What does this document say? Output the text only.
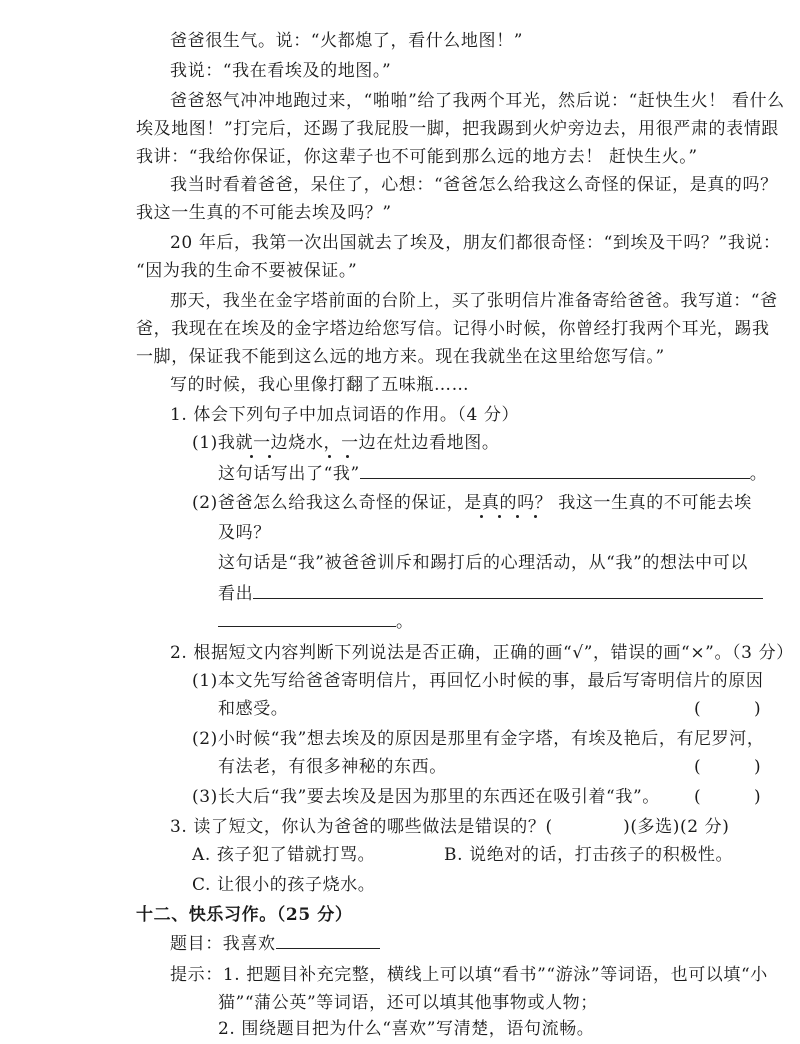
爸爸很生气。说：“火都熄了，看什么地图！”
我说：“我在看埃及的地图。”
爸爸怒气冲冲地跑过来，“啪啪”给了我两个耳光，然后说：“赶快生火！ 看什么
埃及地图！”打完后，还踢了我屁股一脚，把我踢到火炉旁边去，用很严肃的表情跟
我讲：“我给你保证，你这辈子也不可能到那么远的地方去！ 赶快生火。”
我当时看着爸爸，呆住了，心想：“爸爸怎么给我这么奇怪的保证，是真的吗？
我这一生真的不可能去埃及吗？”
20 年后，我第一次出国就去了埃及，朋友们都很奇怪：“到埃及干吗？”我说：
“因为我的生命不要被保证。”
那天，我坐在金字塔前面的台阶上，买了张明信片准备寄给爸爸。我写道：“爸
爸，我现在在埃及的金字塔边给您写信。记得小时候，你曾经打我两个耳光，踢我
一脚，保证我不能到这么远的地方来。现在我就坐在这里给您写信。”
写的时候，我心里像打翻了五味瓶……
1. 体会下列句子中加点词语的作用。（4 分）
(1)我就一边烧水，一边在灶边看地图。
这句话写出了“我”	。
(2)爸爸怎么给我这么奇怪的保证，是真的吗？ 我这一生真的不可能去埃
及吗？
这句话是“我”被爸爸训斥和踢打后的心理活动，从“我”的想法中可以
看出
。
2. 根据短文内容判断下列说法是否正确，正确的画“√”，错误的画“×”。（3 分）
(1)本文先写给爸爸寄明信片，再回忆小时候的事，最后写寄明信片的原因
和感受。	(　　　)
(2)小时候“我”想去埃及的原因是那里有金字塔，有埃及艳后，有尼罗河，
有法老，有很多神秘的东西。	(　　　)
(3)长大后“我”要去埃及是因为那里的东西还在吸引着“我”。 (　　　)
3. 读了短文，你认为爸爸的哪些做法是错误的？(　　　　)(多选)(2 分)
A. 孩子犯了错就打骂。	B. 说绝对的话，打击孩子的积极性。
C. 让很小的孩子烧水。
十二、快乐习作。（25 分）
题目：我喜欢
提示：1. 把题目补充完整，横线上可以填“看书”“游泳”等词语，也可以填“小
猫”“蒲公英”等词语，还可以填其他事物或人物；
2. 围绕题目把为什么“喜欢”写清楚，语句流畅。
